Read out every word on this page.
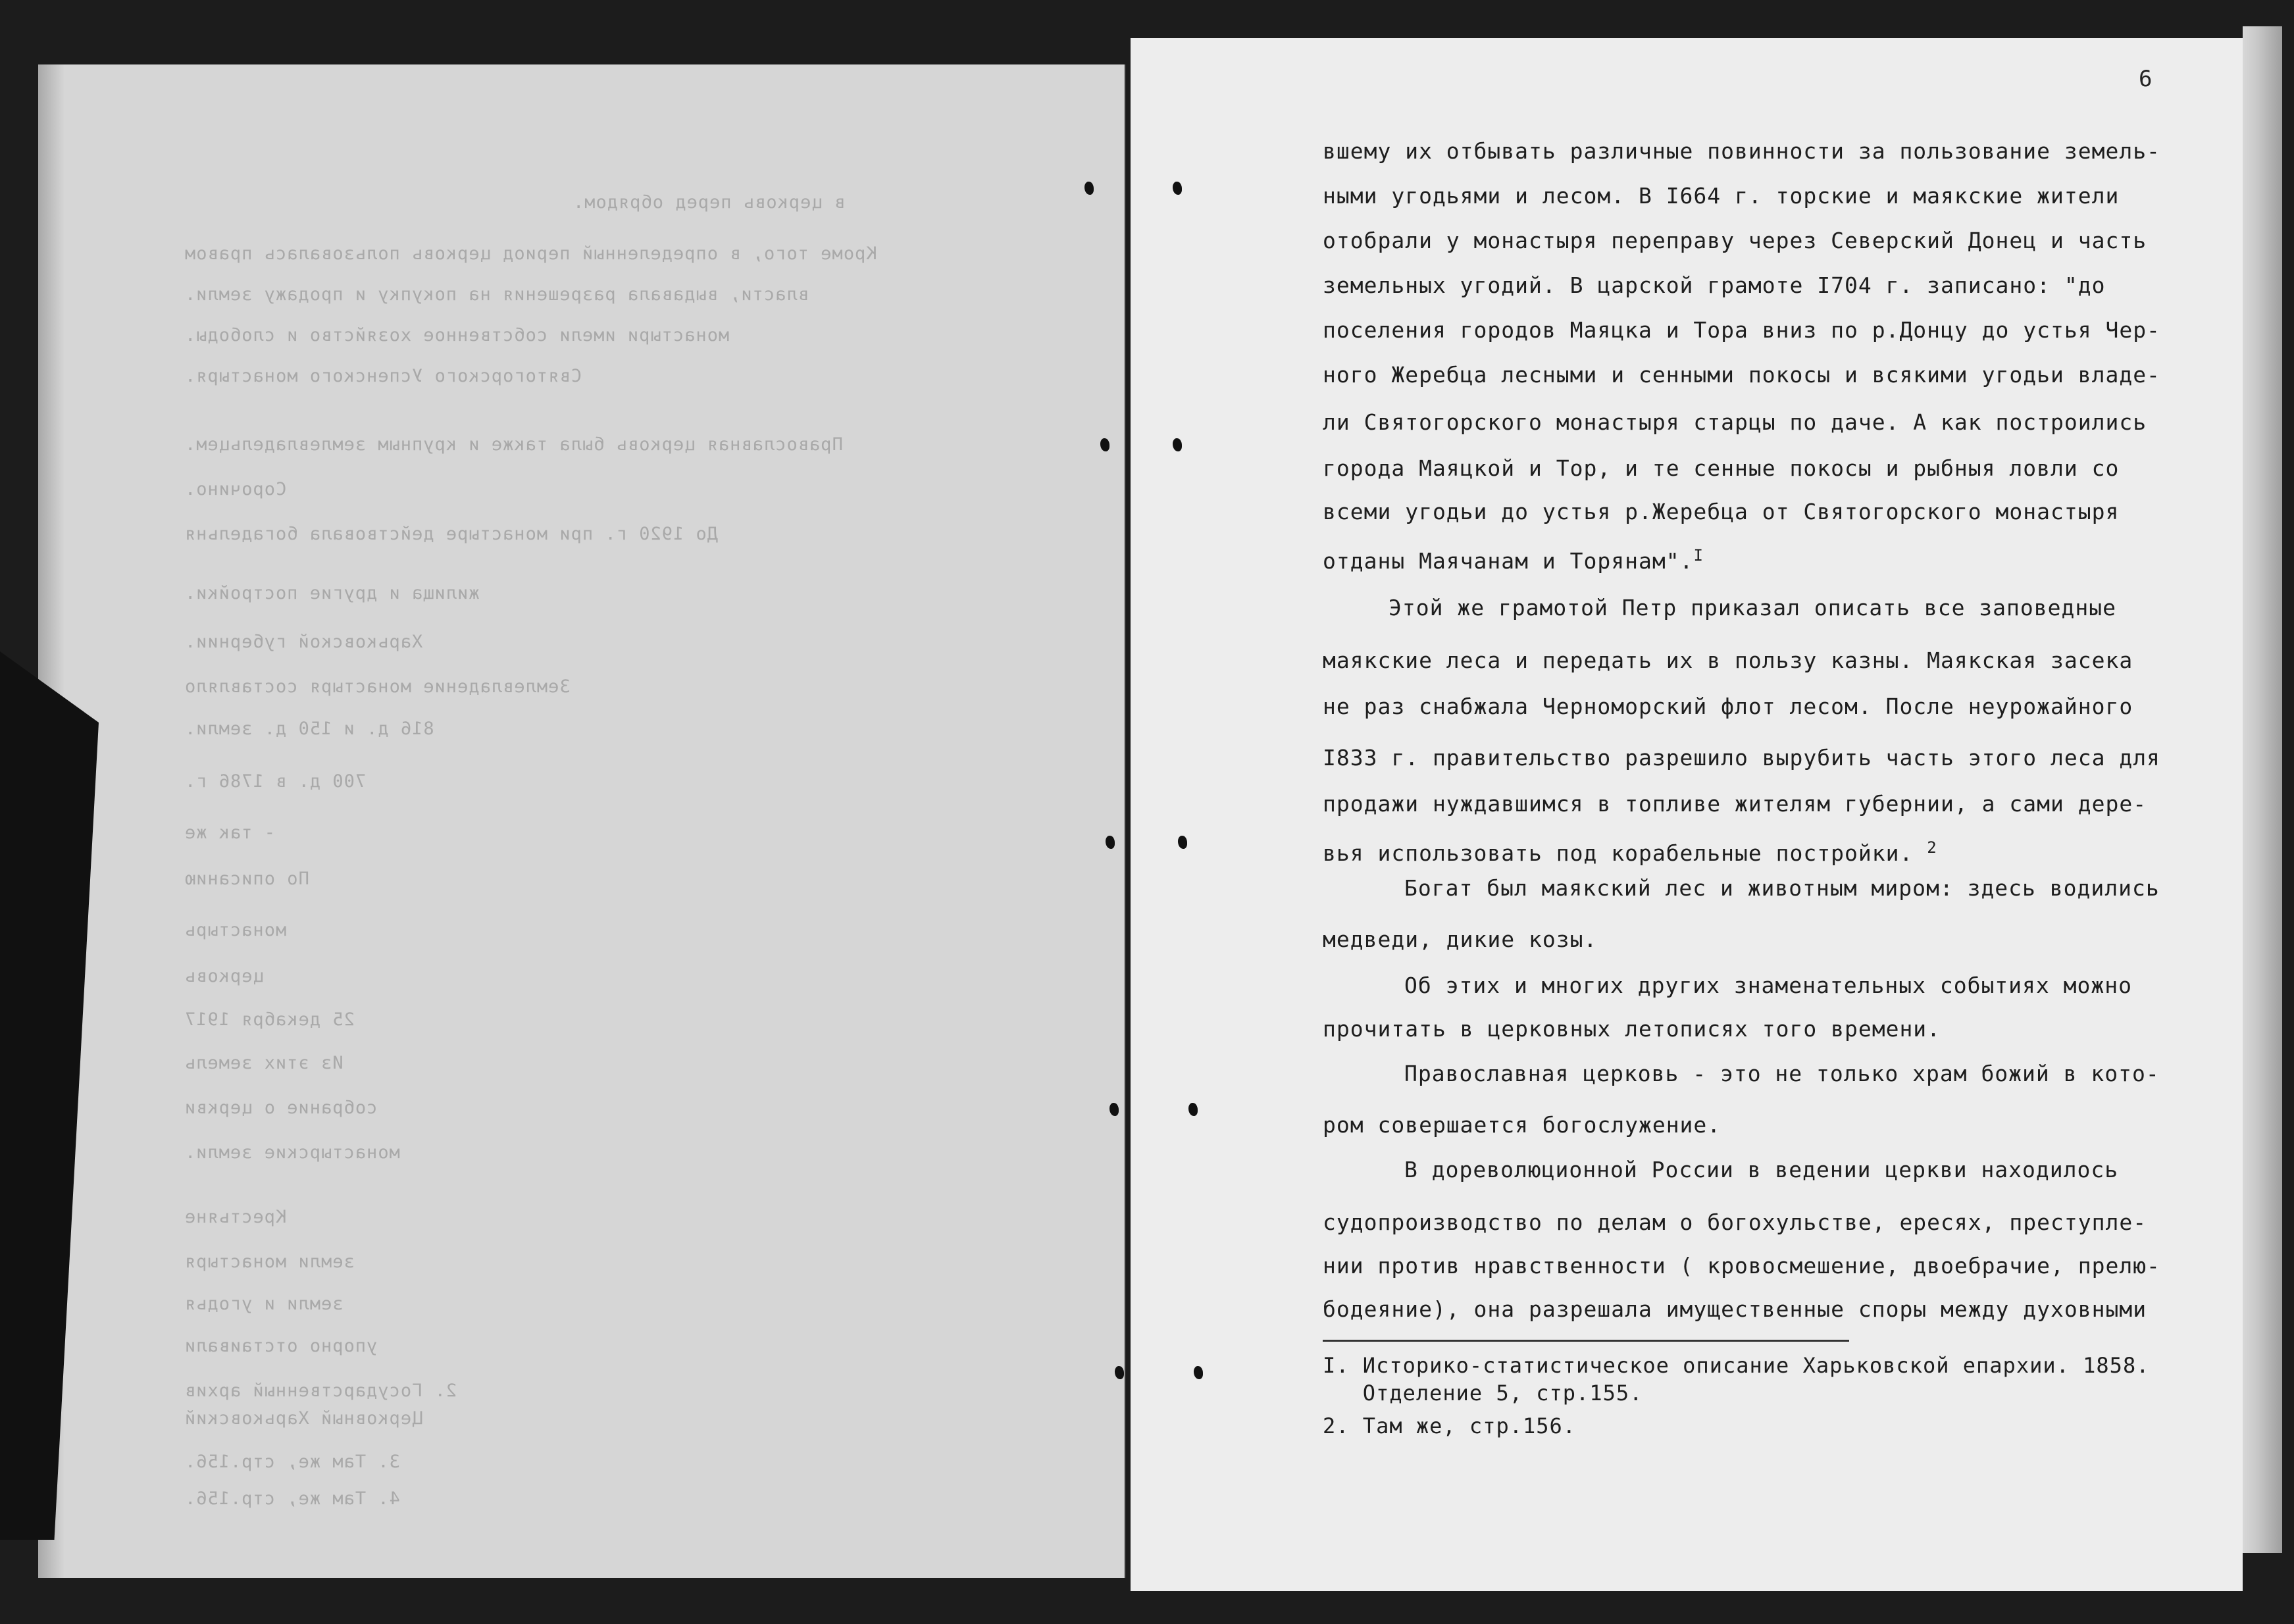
в церковь перед обрядом.
Кроме того, в определенный период церковь пользовалась правом
власти, выдавала разрешения на покупку и продажу земли.
монастыри имели собственное хозяйство и слободы.
Святогорского Успенского монастыря.
Православная церковь была также и крупным землевладельцем.
Сорочино.
До 1920 г. при монастыре действовала богадельня
жилища и другие постройки.
Харьковской губернии.
Землевладение монастыря составляло
816 д. и 150 д. земли.
700 д. в 1786 г.
- так же
По описанию
монастырь
церковь
25 декабря 1917
Из этих земель
собрание о церкви
монастырские земли.
Крестьяне
земли монастыря
земли и угодья
упорно отстаивали
2. Государственный архив
Церковный Харьковский
3. Там же, стр.156.
4. Там же, стр.156.
6
вшему их отбывать различные повинности за пользование земель-
ными угодьями и лесом. В I664 г. торские и маякские жители
отобрали у монастыря переправу через Северский Донец и часть
земельных угодий. В царской грамоте I704 г. записано: "до
поселения городов Маяцка и Тора вниз по р.Донцу до устья Чер-
ного Жеребца лесными и сенными покосы и всякими угодьи владе-
ли Святогорского монастыря старцы по даче. А как построились
города Маяцкой и Тор, и те сенные покосы и рыбныя ловли со
всеми угодьи до устья р.Жеребца от Святогорского монастыря
отданы Маячанам и Торянам".$^I$
Этой же грамотой Петр приказал описать все заповедные
маякские леса и передать их в пользу казны. Маякская засека
не раз снабжала Черноморский флот лесом. После неурожайного
I833 г. правительство разрешило вырубить часть этого леса для
продажи нуждавшимся в топливе жителям губернии, а сами дере-
вья использовать под корабельные постройки. $^2$
Богат был маякский лес и животным миром: здесь водились
медведи, дикие козы.
Об этих и многих других знаменательных событиях можно
прочитать в церковных летописях того времени.
Православная церковь - это не только храм божий в кото-
ром совершается богослужение.
В дореволюционной России в ведении церкви находилось
судопроизводство по делам о богохульстве, ересях, преступле-
нии против нравственности ( кровосмешение, двоебрачие, прелю-
бодеяние), она разрешала имущественные споры между духовными
I. Историко-статистическое описание Харьковской епархии. 1858.
Отделение 5, стр.155.
2. Там же, стр.156.
